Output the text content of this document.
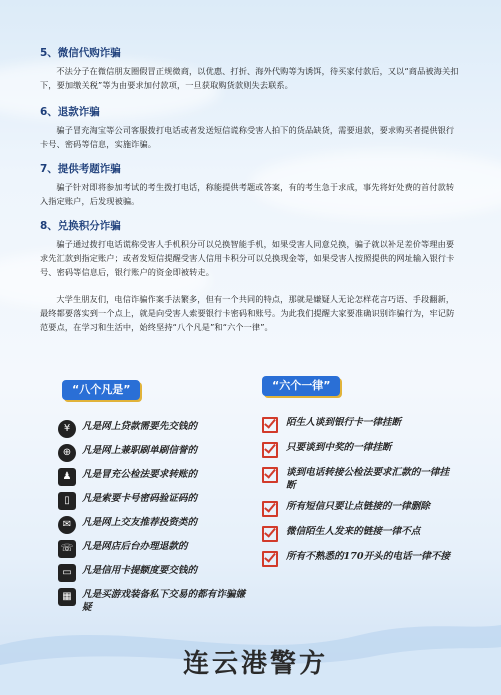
5、微信代购诈骗

不法分子在微信朋友圈假冒正规微商，以优惠、打折、海外代购等为诱饵，待买家付款后，又以“商品被海关扣下，要加缴关税”等为由要求加付款项，一旦获取购货款则失去联系。

6、退款诈骗

骗子冒充淘宝等公司客服拨打电话或者发送短信谎称受害人拍下的货品缺货，需要退款，要求购买者提供银行卡号、密码等信息，实施诈骗。

7、提供考题诈骗

骗子针对即将参加考试的考生拨打电话，称能提供考题或答案，有的考生急于求成，事先将好处费的首付款转入指定账户，后发现被骗。

8、兑换积分诈骗

骗子通过拨打电话谎称受害人手机积分可以兑换智能手机，如果受害人同意兑换，骗子就以补足差价等理由要求先汇款到指定账户；或者发短信提醒受害人信用卡积分可以兑换现金等，如果受害人按照提供的网址输入银行卡号、密码等信息后，银行账户的资金即被转走。

大学生朋友们，电信诈骗作案手法繁多，但有一个共同的特点，那就是嫌疑人无论怎样花言巧语、手段翻新，最终都要落实到一个点上，就是向受害人索要银行卡密码和账号。为此我们提醒大家要准确识别诈骗行为，牢记防范要点，在学习和生活中，始终坚持“八个凡是”和“六个一律”。

“八个凡是”	“六个一律”
¥	凡是网上贷款需要先交钱的
⊕	凡是网上兼职刷单刷信誉的
♟	凡是冒充公检法要求转账的
▯	凡是索要卡号密码验证码的
✉	凡是网上交友推荐投资类的
☏ 凡是网店后台办理退款的
▭	凡是信用卡提额度要交钱的
▦	凡是买游戏装备私下交易的都有诈骗嫌疑
陌生人谈到银行卡一律挂断
只要谈到中奖的一律挂断
谈到电话转接公检法要求汇款的一律挂断
所有短信只要让点链接的一律删除
微信陌生人发来的链接一律不点
所有不熟悉的170开头的电话一律不接
连云港警方
